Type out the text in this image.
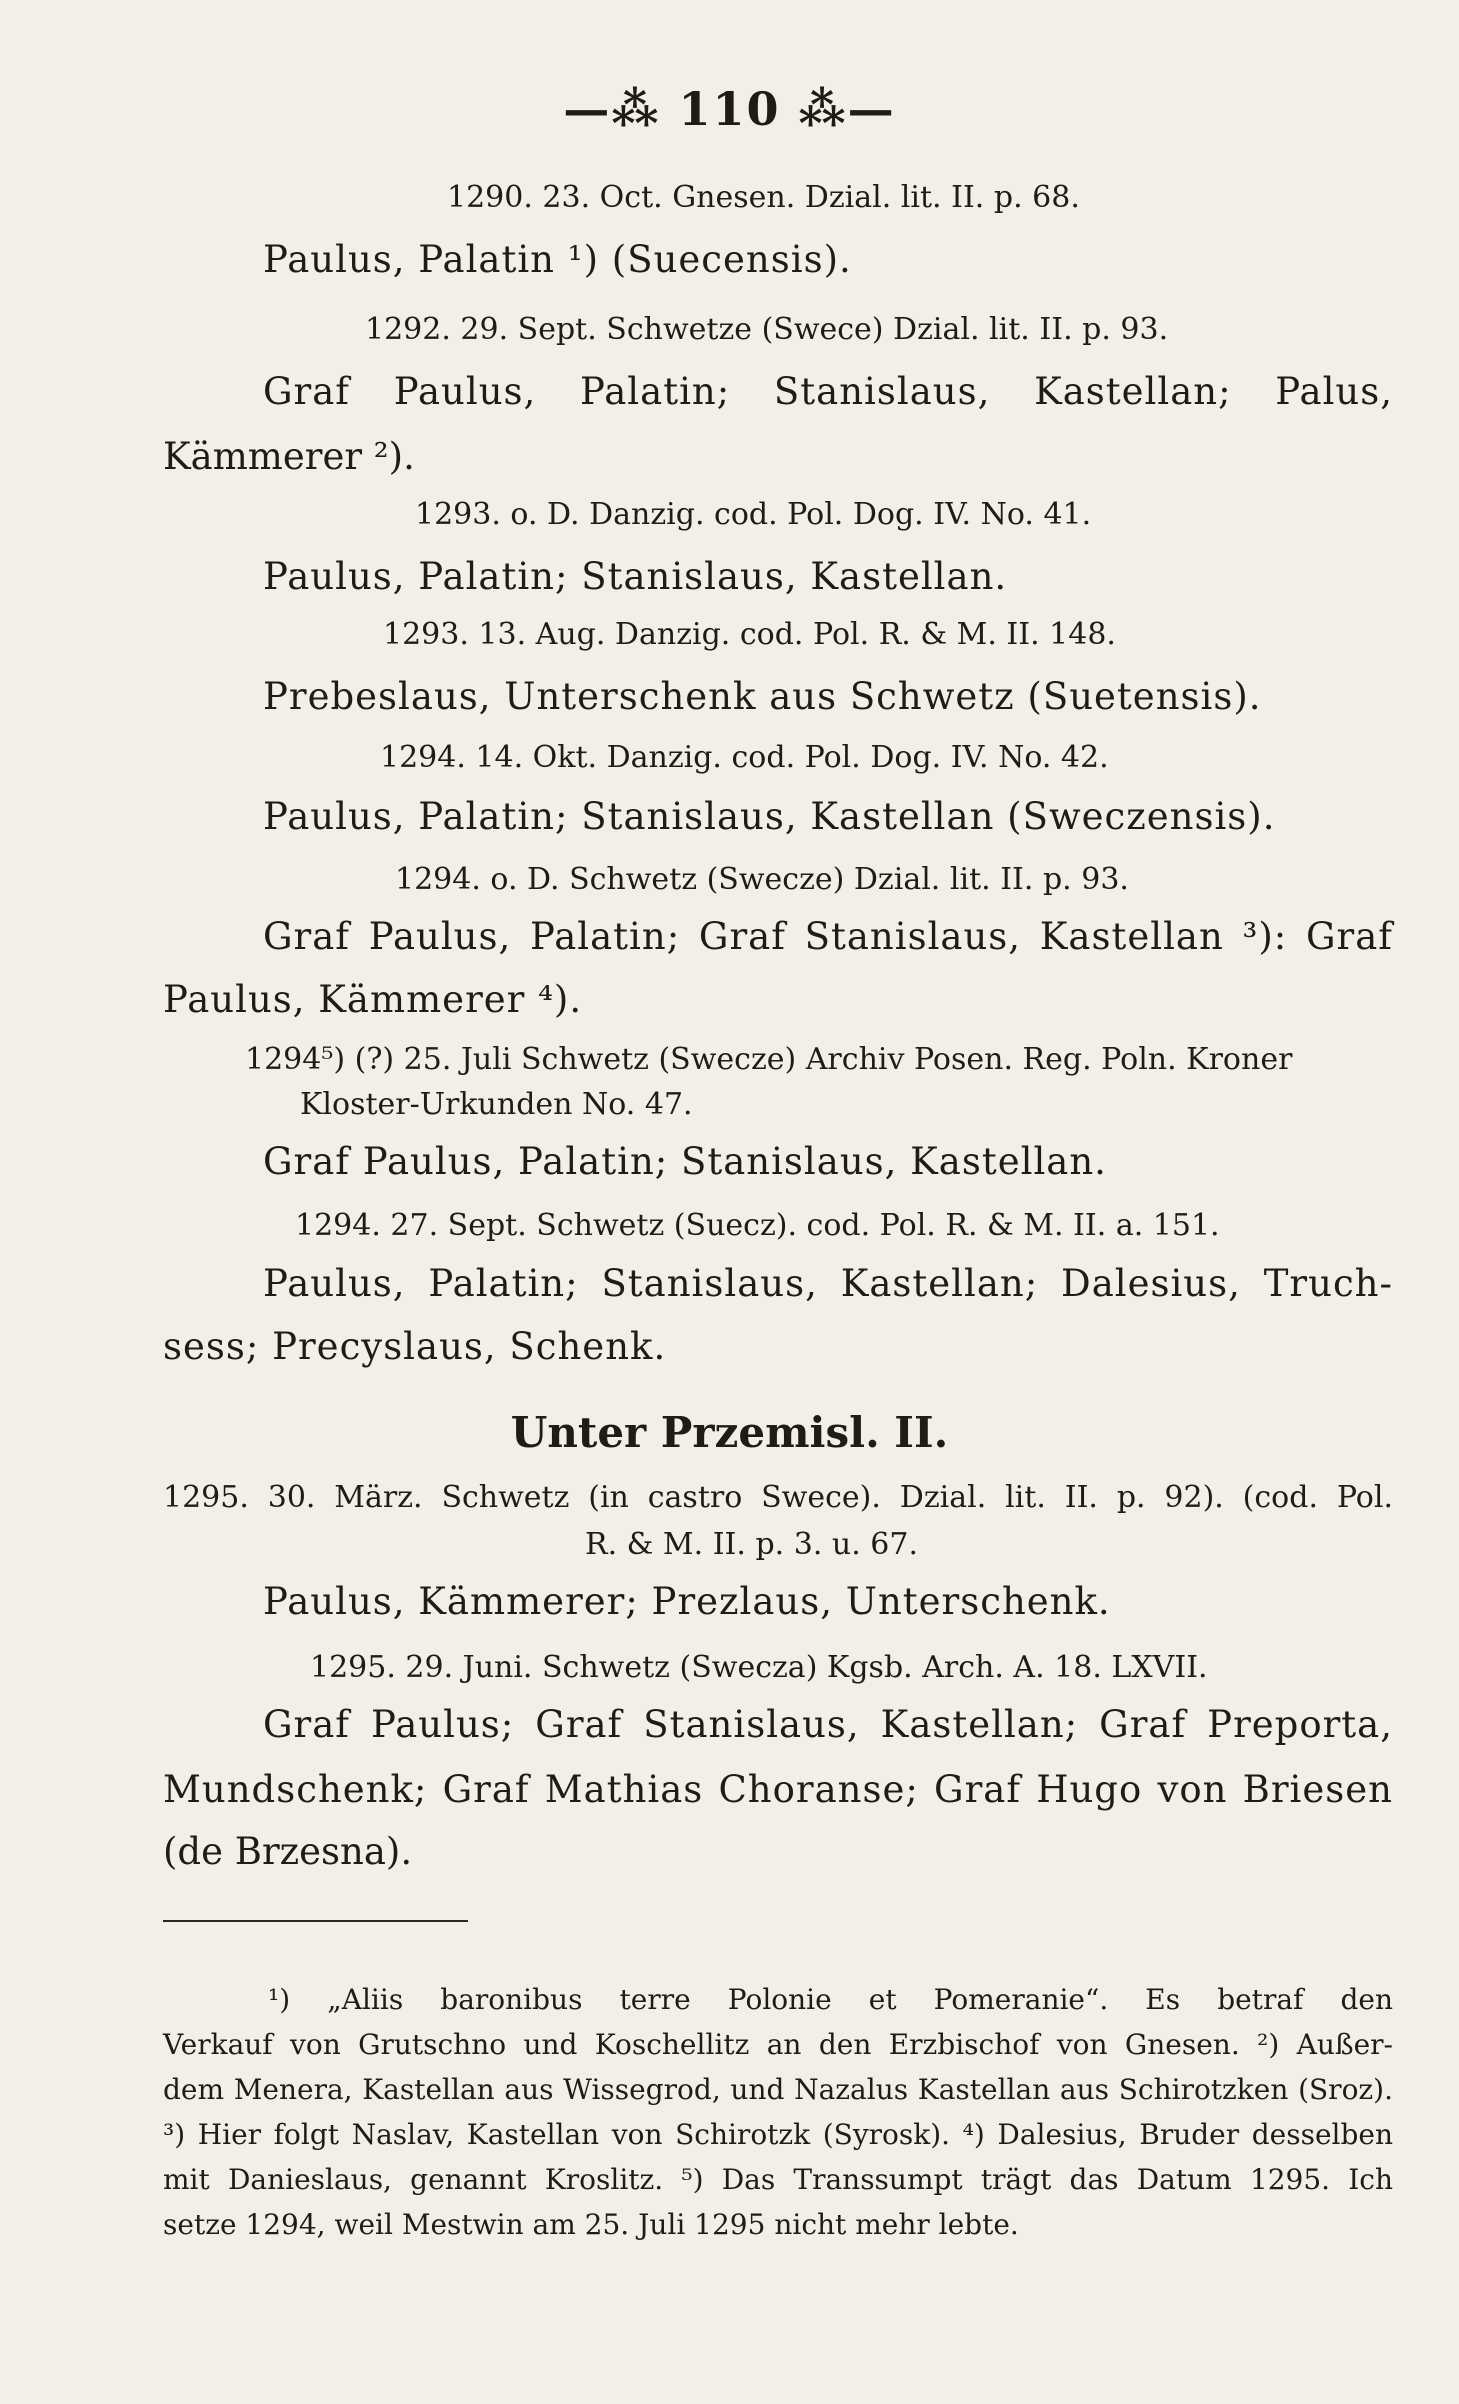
—⁂ 110 ⁂—
1290. 23. Oct. Gnesen. Dzial. lit. II. p. 68.
Paulus, Palatin ¹) (Suecensis).
1292. 29. Sept. Schwetze (Swece) Dzial. lit. II. p. 93.
Graf Paulus, Palatin; Stanislaus, Kastellan; Palus,
Kämmerer ²).
1293. o. D. Danzig. cod. Pol. Dog. IV. No. 41.
Paulus, Palatin; Stanislaus, Kastellan.
1293. 13. Aug. Danzig. cod. Pol. R. & M. II. 148.
Prebeslaus, Unterschenk aus Schwetz (Suetensis).
1294. 14. Okt. Danzig. cod. Pol. Dog. IV. No. 42.
Paulus, Palatin; Stanislaus, Kastellan (Sweczensis).
1294. o. D. Schwetz (Swecze) Dzial. lit. II. p. 93.
Graf Paulus, Palatin; Graf Stanislaus, Kastellan ³): Graf
Paulus, Kämmerer ⁴).
1294⁵) (?) 25. Juli Schwetz (Swecze) Archiv Posen. Reg. Poln. Kroner
Kloster-Urkunden No. 47.
Graf Paulus, Palatin; Stanislaus, Kastellan.
1294. 27. Sept. Schwetz (Suecz). cod. Pol. R. & M. II. a. 151.
Paulus, Palatin; Stanislaus, Kastellan; Dalesius, Truch-
sess; Precyslaus, Schenk.
Unter Przemisl. II.
1295. 30. März. Schwetz (in castro Swece). Dzial. lit. II. p. 92). (cod. Pol.
R. & M. II. p. 3. u. 67.
Paulus, Kämmerer; Prezlaus, Unterschenk.
1295. 29. Juni. Schwetz (Swecza) Kgsb. Arch. A. 18. LXVII.
Graf Paulus; Graf Stanislaus, Kastellan; Graf Preporta,
Mundschenk; Graf Mathias Choranse; Graf Hugo von Briesen
(de Brzesna).
¹) „Aliis baronibus terre Polonie et Pomeranie“. Es betraf den
Verkauf von Grutschno und Koschellitz an den Erzbischof von Gnesen. ²) Außer-
dem Menera, Kastellan aus Wissegrod, und Nazalus Kastellan aus Schirotzken (Sroz).
³) Hier folgt Naslav, Kastellan von Schirotzk (Syrosk). ⁴) Dalesius, Bruder desselben
mit Danieslaus, genannt Kroslitz. ⁵) Das Transsumpt trägt das Datum 1295. Ich
setze 1294, weil Mestwin am 25. Juli 1295 nicht mehr lebte.
